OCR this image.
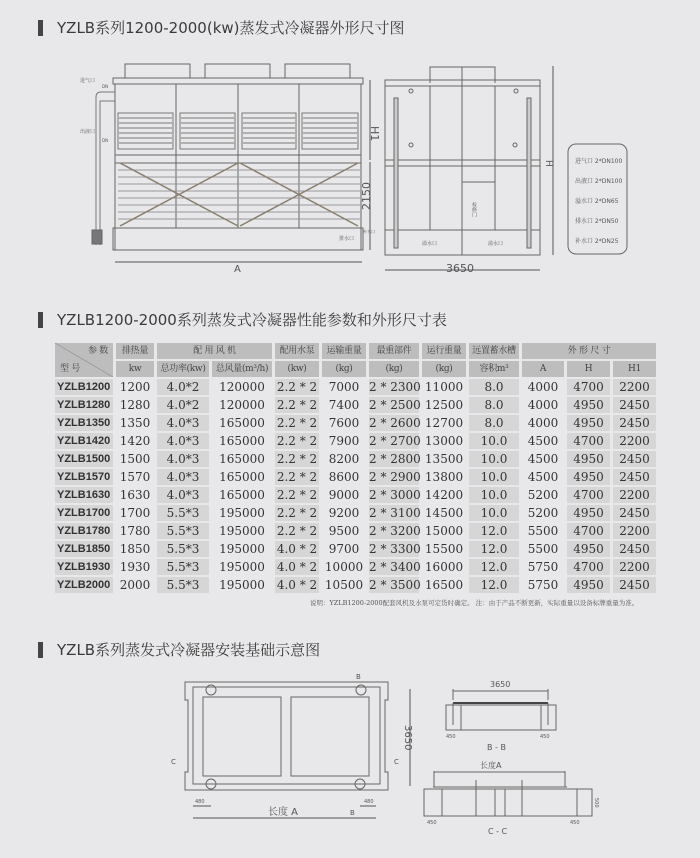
YZLB系列1200-2000(kw)蒸发式冷凝器外形尺寸图
YZLB1200-2000系列蒸发式冷凝器性能参数和外形尺寸表
YZLB系列蒸发式冷凝器安装基础示意图
进气口
DN
出液口
DN
补水口
排水口
H1
2150
A
检修门
溢水口	溢水口
H
3650
进气口 2*DN100
出液口 2*DN100
溢水口 2*DN65
排水口 2*DN50
补水口 2*DN25
3650
长度 A
480	480
B
B
C	C
3650
450	450
B - B
长度A
450	450
500
C - C
参 数
型 号	排热量	配 用 风 机		配用水泵	运输重量	最重部件	运行重量	远置蓄水槽	外 形 尺 寸		
	kw	总功率(kw)	总风量(m³/h)	(kw)	(kg)	(kg)	(kg)	容积m³	A	H	H1
YZLB1200	1200	4.0*2	120000	2.2 * 2	7000	2 * 2300	11000	8.0	4000	4700	2200
YZLB1280	1280	4.0*2	120000	2.2 * 2	7400	2 * 2500	12500	8.0	4000	4950	2450
YZLB1350	1350	4.0*3	165000	2.2 * 2	7600	2 * 2600	12700	8.0	4000	4950	2450
YZLB1420	1420	4.0*3	165000	2.2 * 2	7900	2 * 2700	13000	10.0	4500	4700	2200
YZLB1500	1500	4.0*3	165000	2.2 * 2	8200	2 * 2800	13500	10.0	4500	4950	2450
YZLB1570	1570	4.0*3	165000	2.2 * 2	8600	2 * 2900	13800	10.0	4500	4950	2450
YZLB1630	1630	4.0*3	165000	2.2 * 2	9000	2 * 3000	14200	10.0	5200	4700	2200
YZLB1700	1700	5.5*3	195000	2.2 * 2	9200	2 * 3100	14500	10.0	5200	4950	2450
YZLB1780	1780	5.5*3	195000	2.2 * 2	9500	2 * 3200	15000	12.0	5500	4700	2200
YZLB1850	1850	5.5*3	195000	4.0 * 2	9700	2 * 3300	15500	12.0	5500	4950	2450
YZLB1930	1930	5.5*3	195000	4.0 * 2	10000	2 * 3400	16000	12.0	5750	4700	2200
YZLB2000	2000	5.5*3	195000	4.0 * 2	10500	2 * 3500	16500	12.0	5750	4950	2450
说明：YZLB1200-2000配套风机及水泵可定货时确定。 注：由于产品不断更新，实际重量以设备标牌重量为准。
